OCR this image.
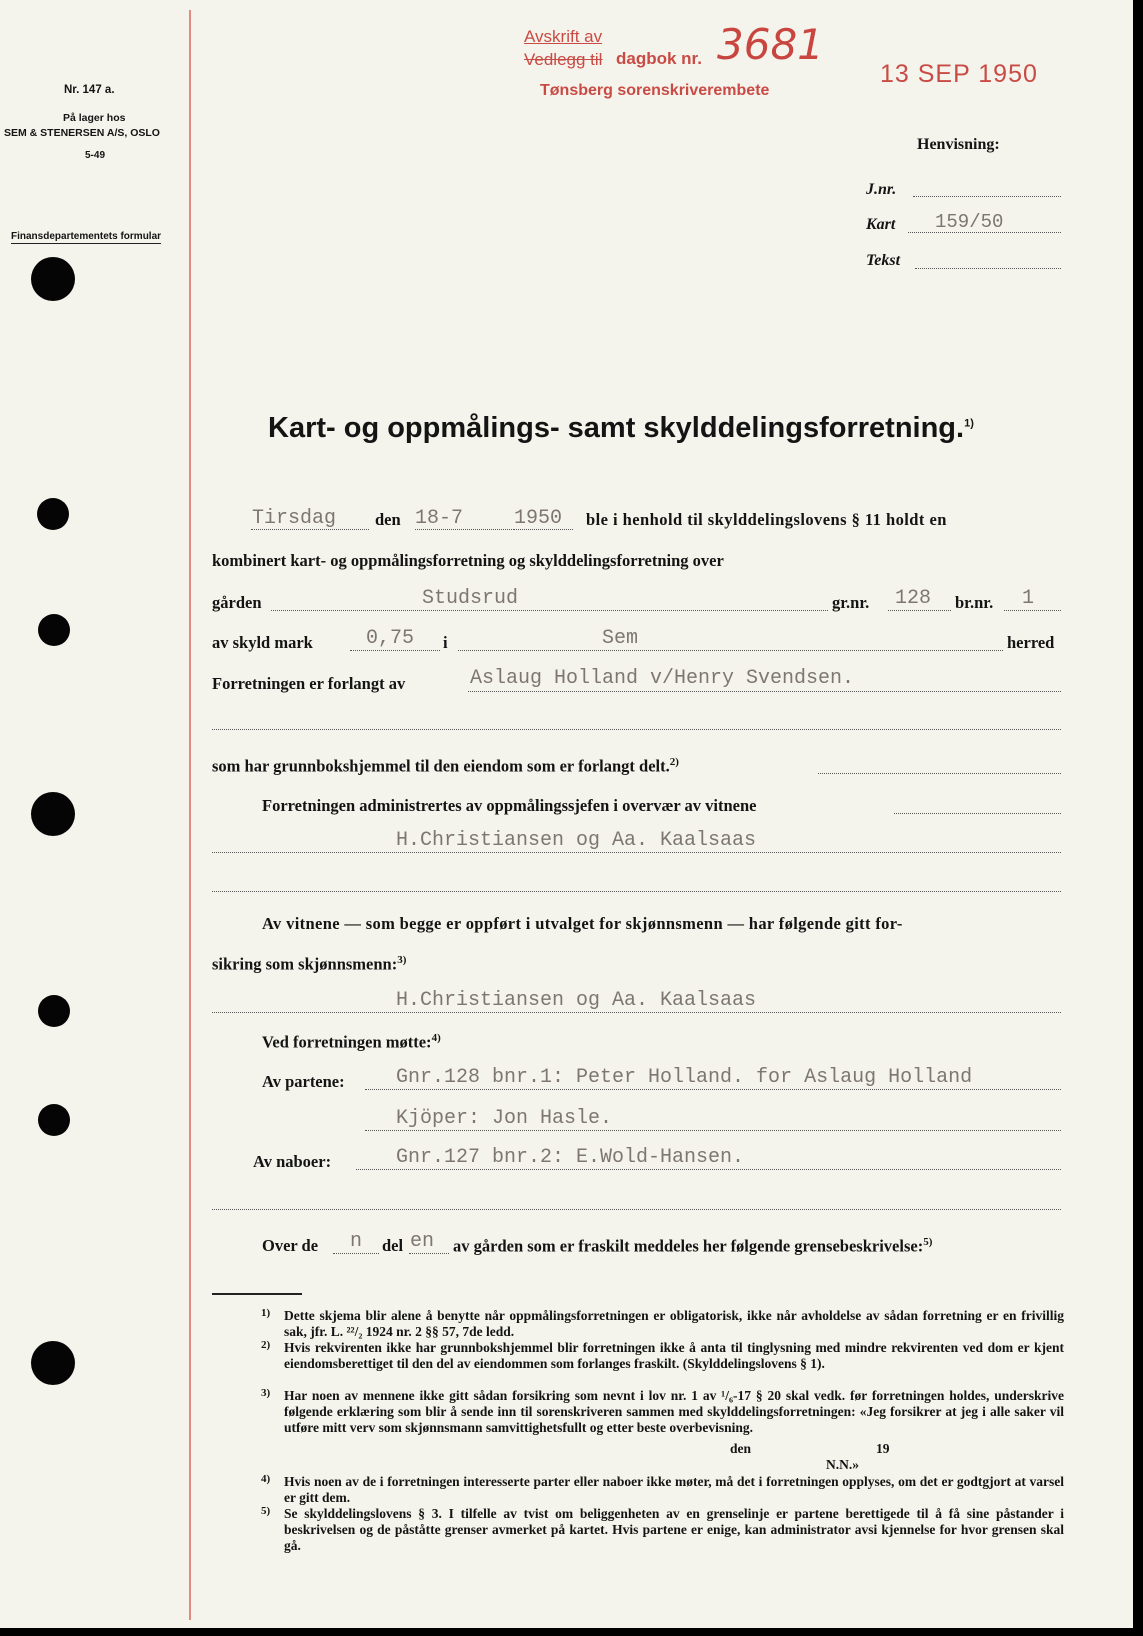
Nr. 147 a.
På lager hos
SEM & STENERSEN A/S, OSLO
5-49
Finansdepartementets formular
Avskrift av
Vedlegg til dagbok nr. 3681
Tønsberg sorenskriverembete
13 SEP 1950
Henvisning:
J.nr.
Kart 159/50
Tekst
Kart- og oppmålings- samt skylddelingsforretning.$^{1)}$
Tirsdag den 18-7	1950 ble i henhold til skylddelingslovens § 11 holdt en
kombinert kart- og oppmålingsforretning og skylddelingsforretning over
gården	Studsrud	gr.nr. 128 br.nr. 1
av skyld mark	0,75 i	Sem	herred
Forretningen er forlangt av	Aslaug Holland v/Henry Svendsen.
som har grunnbokshjemmel til den eiendom som er forlangt delt.$^{2)}$
Forretningen administrertes av oppmålingssjefen i overvær av vitnene
H.Christiansen og Aa. Kaalsaas
Av vitnene — som begge er oppført i utvalget for skjønnsmenn — har følgende gitt for-
sikring som skjønnsmenn:$^{3)}$
H.Christiansen og Aa. Kaalsaas
Ved forretningen møtte:$^{4)}$
Av partene:	Gnr.128 bnr.1: Peter Holland. for Aslaug Holland
Kjöper: Jon Hasle.
Av naboer:	Gnr.127 bnr.2: E.Wold-Hansen.
Over de n del en av gården som er fraskilt meddeles her følgende grensebeskrivelse:$^{5)}$
1) Dette skjema blir alene å benytte når oppmålingsforretningen er obligatorisk, ikke når avholdelse av sådan forretning er en frivillig sak, jfr. L. ²²/₂ 1924 nr. 2 §§ 57, 7de ledd.
2) Hvis rekvirenten ikke har grunnbokshjemmel blir forretningen ikke å anta til tinglysning med mindre rekvirenten ved dom er kjent eiendomsberettiget til den del av eiendommen som forlanges fraskilt. (Skylddelingslovens § 1).
3) Har noen av mennene ikke gitt sådan forsikring som nevnt i lov nr. 1 av ¹/₆-17 § 20 skal vedk. før forretningen holdes, underskrive følgende erklæring som blir å sende inn til sorenskriveren sammen med skylddelingsforretningen: «Jeg forsikrer at jeg i alle saker vil utføre mitt verv som skjønnsmann samvittighetsfullt og etter beste overbevisning.
den	19
N.N.»
4) Hvis noen av de i forretningen interesserte parter eller naboer ikke møter, må det i forretningen opplyses, om det er godtgjort at varsel er gitt dem.
5) Se skylddelingslovens § 3. I tilfelle av tvist om beliggenheten av en grenselinje er partene berettigede til å få sine påstander i beskrivelsen og de påståtte grenser avmerket på kartet. Hvis partene er enige, kan administrator avsi kjennelse for hvor grensen skal gå.
